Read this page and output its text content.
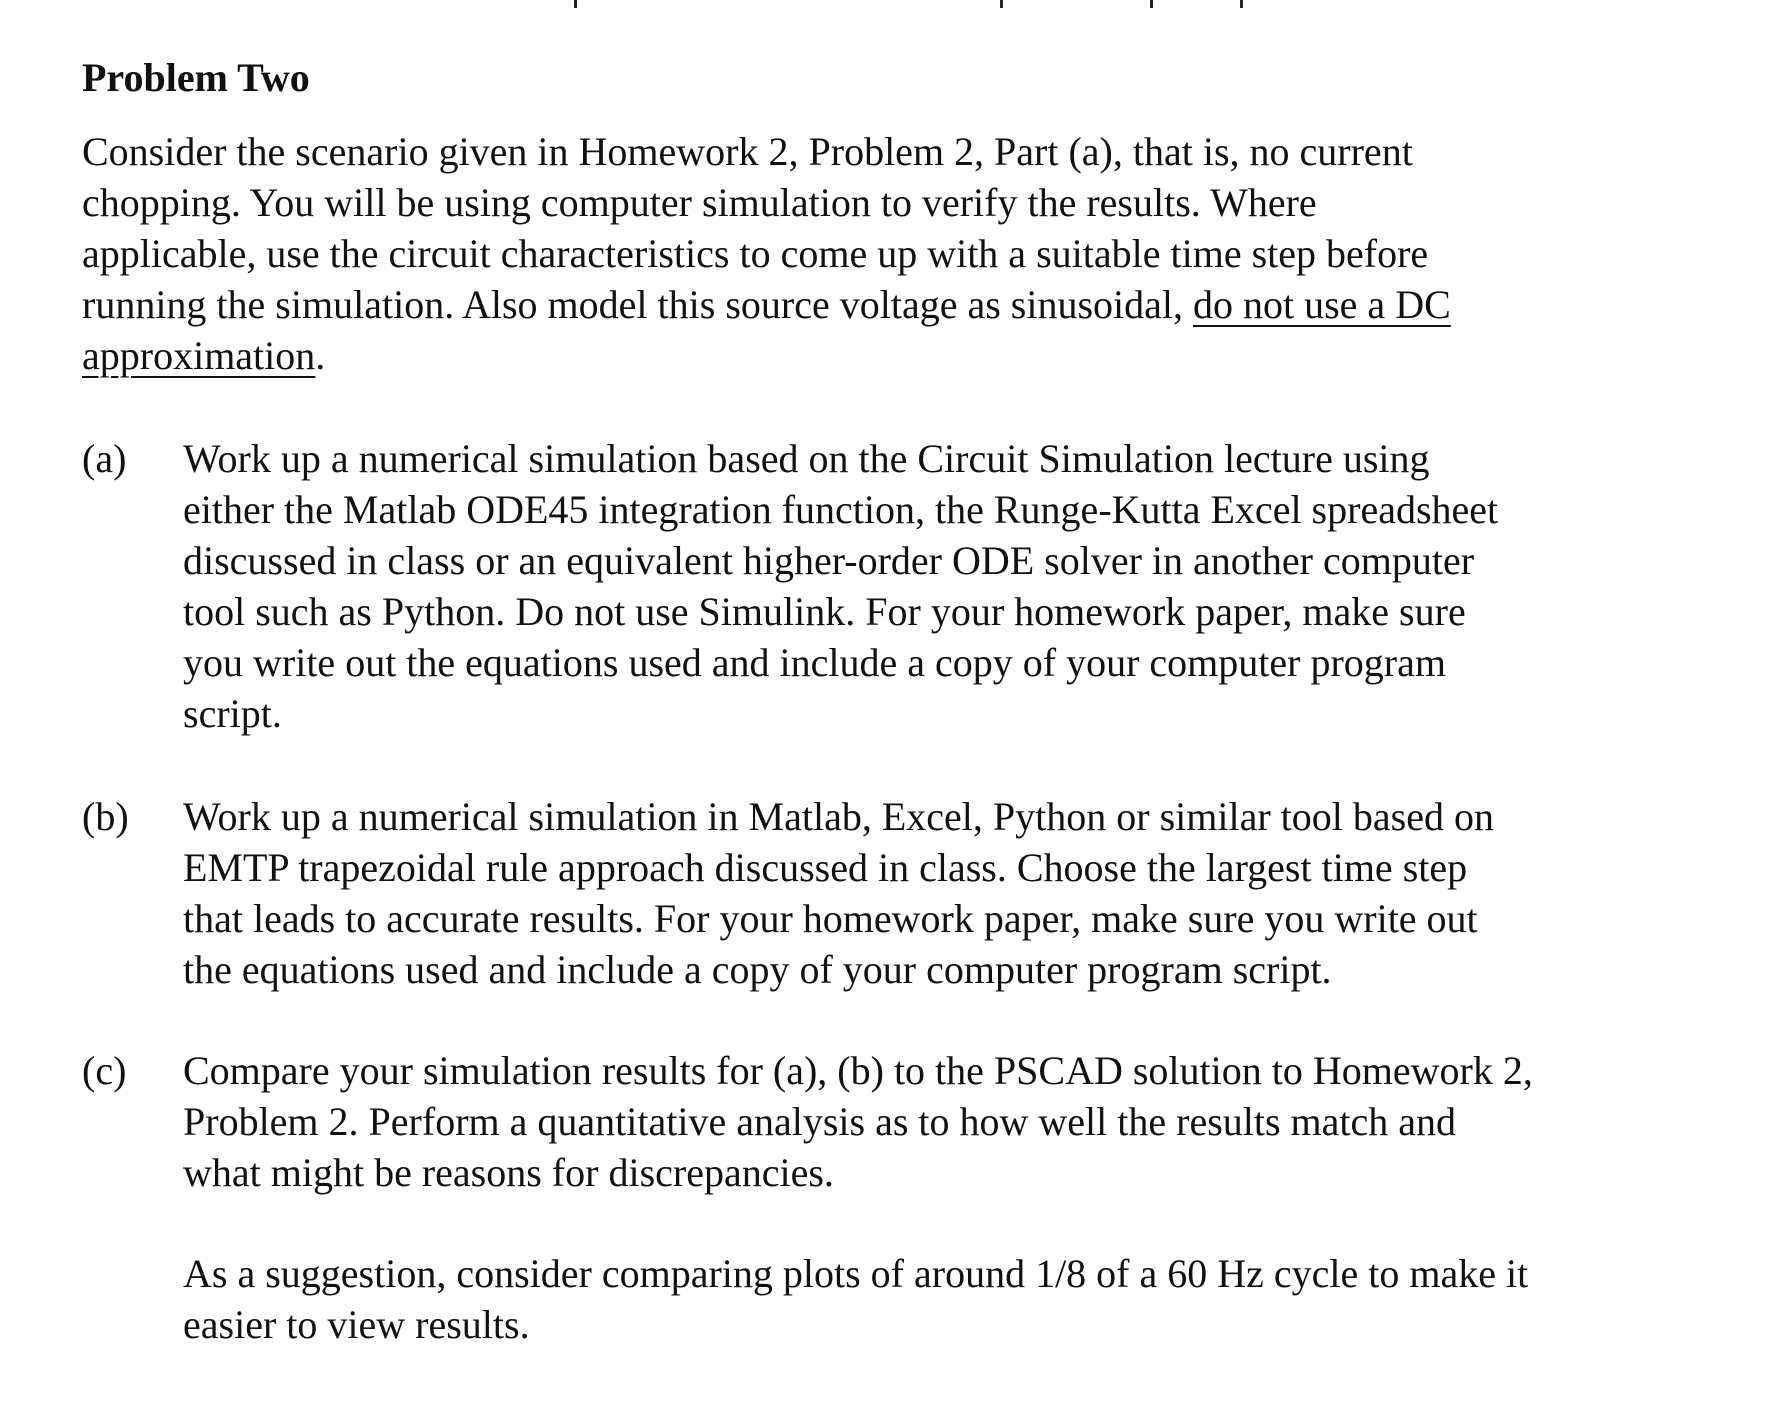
Problem Two
Consider the scenario given in Homework 2, Problem 2, Part (a), that is, no current
chopping. You will be using computer simulation to verify the results. Where
applicable, use the circuit characteristics to come up with a suitable time step before
running the simulation. Also model this source voltage as sinusoidal, do not use a DC
approximation.
(a) Work up a numerical simulation based on the Circuit Simulation lecture using
either the Matlab ODE45 integration function, the Runge-Kutta Excel spreadsheet
discussed in class or an equivalent higher-order ODE solver in another computer
tool such as Python. Do not use Simulink. For your homework paper, make sure
you write out the equations used and include a copy of your computer program
script.
(b) Work up a numerical simulation in Matlab, Excel, Python or similar tool based on
EMTP trapezoidal rule approach discussed in class. Choose the largest time step
that leads to accurate results. For your homework paper, make sure you write out
the equations used and include a copy of your computer program script.
(c) Compare your simulation results for (a), (b) to the PSCAD solution to Homework 2,
Problem 2. Perform a quantitative analysis as to how well the results match and
what might be reasons for discrepancies.
As a suggestion, consider comparing plots of around 1/8 of a 60 Hz cycle to make it
easier to view results.
